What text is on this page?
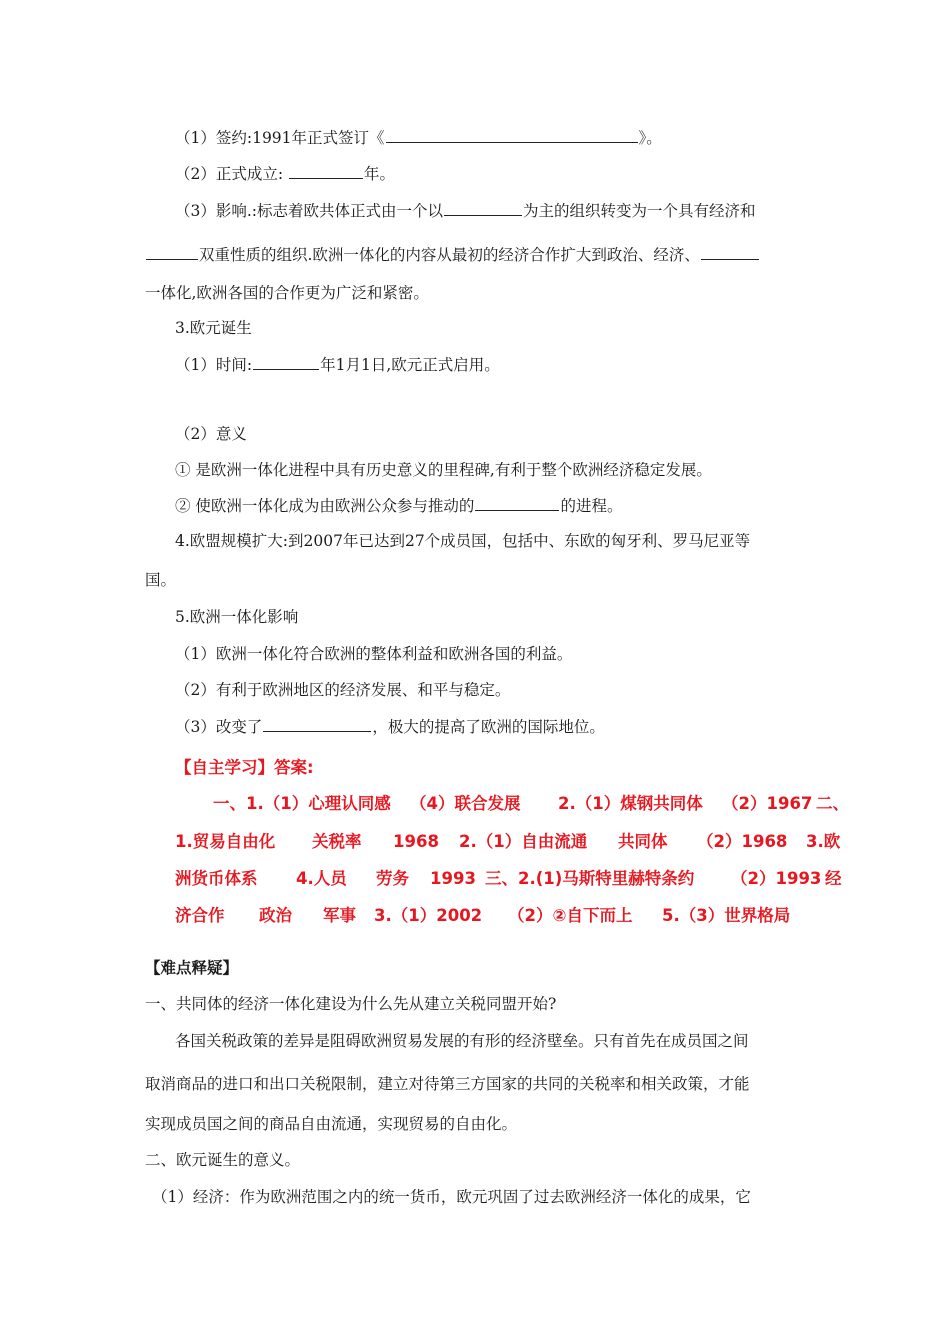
（1）签约:1991年正式签订《	》。
（2）正式成立:	年。
（3）影响.:标志着欧共体正式由一个以	为主的组织转变为一个具有经济和
双重性质的组织.欧洲一体化的内容从最初的经济合作扩大到政治、经济、
一体化,欧洲各国的合作更为广泛和紧密。
3.欧元诞生
（1）时间:	年1月1日,欧元正式启用。
（2）意义
① 是欧洲一体化进程中具有历史意义的里程碑,有利于整个欧洲经济稳定发展。
② 使欧洲一体化成为由欧洲公众参与推动的	的进程。
4.欧盟规模扩大:到2007年已达到27个成员国，包括中、东欧的匈牙利、罗马尼亚等
国。
5.欧洲一体化影响
（1）欧洲一体化符合欧洲的整体利益和欧洲各国的利益。
（2）有利于欧洲地区的经济发展、和平与稳定。
（3）改变了	，极大的提高了欧洲的国际地位。
【自主学习】答案:
一、1.（1）心理认同感 （4）联合发展 2.（1）煤钢共同体 （2）1967 二、
1.贸易自由化 关税率 1968 2.（1）自由流通 共同体 （2）1968 3.欧
洲货币体系 4.人员 劳务 1993 三、2.(1)马斯特里赫特条约 （2）1993 经
济合作 政治 军事 3.（1）2002 （2）②自下而上 5.（3）世界格局
【难点释疑】
一、共同体的经济一体化建设为什么先从建立关税同盟开始?
各国关税政策的差异是阻碍欧洲贸易发展的有形的经济壁垒。只有首先在成员国之间
取消商品的进口和出口关税限制，建立对待第三方国家的共同的关税率和相关政策，才能
实现成员国之间的商品自由流通，实现贸易的自由化。
二、欧元诞生的意义。
（1）经济：作为欧洲范围之内的统一货币，欧元巩固了过去欧洲经济一体化的成果，它
